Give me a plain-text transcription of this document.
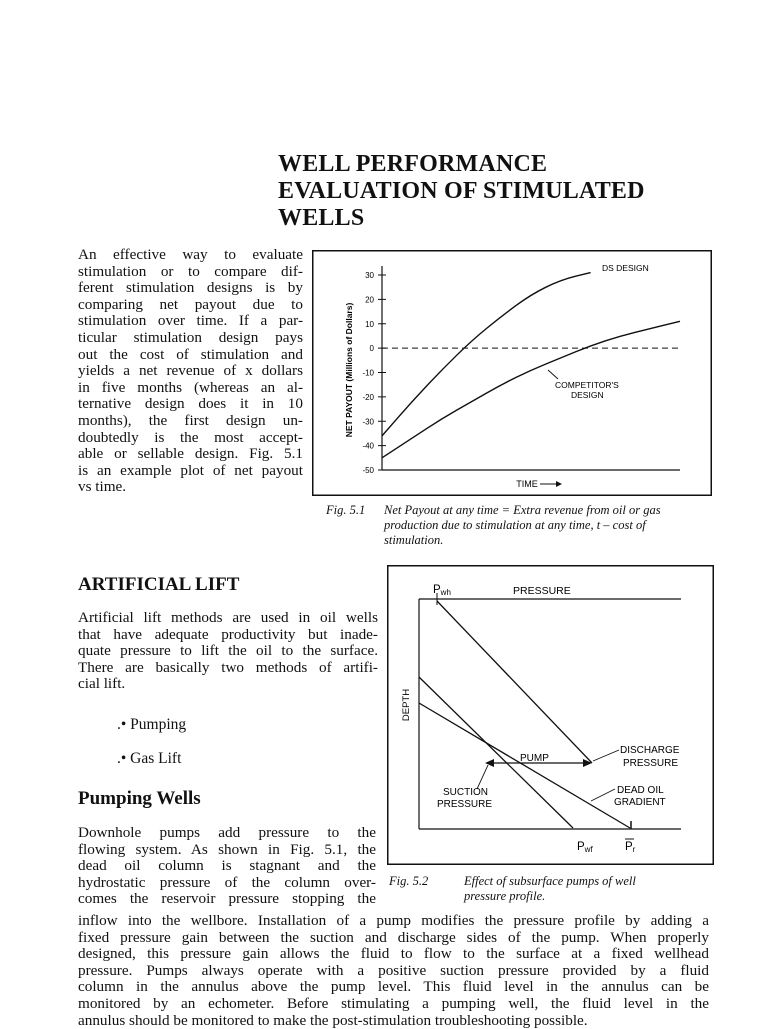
WELL PERFORMANCE
EVALUATION OF STIMULATED
WELLS
An effective way to evaluate
stimulation or to compare dif-
ferent stimulation designs is by
comparing net payout due to
stimulation over time. If a par-
ticular stimulation design pays
out the cost of stimulation and
yields a net revenue of x dollars
in five months (whereas an al-
ternative design does it in 10
months), the first design un-
doubtedly is the most accept-
able or sellable design. Fig. 5.1
is an example plot of net payout
vs time.
30
20
10
0
-10
-20
-30
-40
-50
NET PAYOUT (Millions of Dollars)
TIME
DS DESIGN
COMPETITOR'S
DESIGN
Fig. 5.1 Net Payout at any time = Extra revenue from oil or gas
production due to stimulation at any time, t – cost of
stimulation.
ARTIFICIAL LIFT
Artificial lift methods are used in oil wells
that have adequate productivity but inade-
quate pressure to lift the oil to the surface.
There are basically two methods of artifi-
cial lift.
.• Pumping
.• Gas Lift
Pwh	PRESSURE
DEPTH
PUMP
DISCHARGE
PRESSURE
SUCTION
PRESSURE
DEAD OIL
GRADIENT
Pwf	Pr
Fig. 5.2	Effect of subsurface pumps of well
pressure profile.
Pumping Wells
Downhole pumps add pressure to the
flowing system. As shown in Fig. 5.1, the
dead oil column is stagnant and the
hydrostatic pressure of the column over-
comes the reservoir pressure stopping the
inflow into the wellbore. Installation of a pump modifies the pressure profile by adding a
fixed pressure gain between the suction and discharge sides of the pump. When properly
designed, this pressure gain allows the fluid to flow to the surface at a fixed wellhead
pressure. Pumps always operate with a positive suction pressure provided by a fluid
column in the annulus above the pump level. This fluid level in the annulus can be
monitored by an echometer. Before stimulating a pumping well, the fluid level in the
annulus should be monitored to make the post-stimulation troubleshooting possible.
